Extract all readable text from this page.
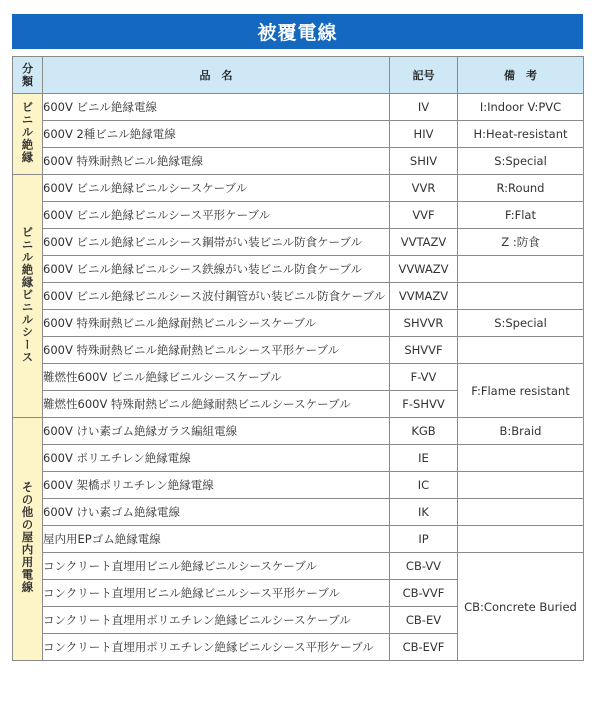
被覆電線
分
類	品　名	記号	備　考
ビニル絶縁	600V ビニル絶縁電線	IV	I:Indoor V:PVC
	600V 2種ビニル絶縁電線	HIV	H:Heat-resistant
	600V 特殊耐熱ビニル絶縁電線	SHIV	S:Special
ビニル絶縁ビニルシース	600V ビニル絶縁ビニルシースケーブル	VVR	R:Round
	600V ビニル絶縁ビニルシース平形ケーブル	VVF	F:Flat
	600V ビニル絶縁ビニルシース鋼帯がい装ビニル防食ケーブル	VVTAZV	Z :防食
	600V ビニル絶縁ビニルシース鉄線がい装ビニル防食ケーブル	VVWAZV	
	600V ビニル絶縁ビニルシース波付鋼管がい装ビニル防食ケーブル	VVMAZV	
	600V 特殊耐熱ビニル絶縁耐熱ビニルシースケーブル	SHVVR	S:Special
	600V 特殊耐熱ビニル絶縁耐熱ビニルシース平形ケーブル	SHVVF	
	難燃性600V ビニル絶縁ビニルシースケーブル	F-VV	F:Flame resistant
	難燃性600V 特殊耐熱ビニル絶縁耐熱ビニルシースケーブル	F-SHVV	
その他の屋内用電線	600V けい素ゴム絶縁ガラス編組電線	KGB	B:Braid
	600V ポリエチレン絶縁電線	IE	
	600V 架橋ポリエチレン絶縁電線	IC	
	600V けい素ゴム絶縁電線	IK	
	屋内用EPゴム絶縁電線	IP	
	コンクリート直埋用ビニル絶縁ビニルシースケーブル	CB-VV	CB:Concrete Buried
	コンクリート直埋用ビニル絶縁ビニルシース平形ケーブル	CB-VVF	
	コンクリート直埋用ポリエチレン絶縁ビニルシースケーブル	CB-EV	
	コンクリート直埋用ポリエチレン絶縁ビニルシース平形ケーブル	CB-EVF	
